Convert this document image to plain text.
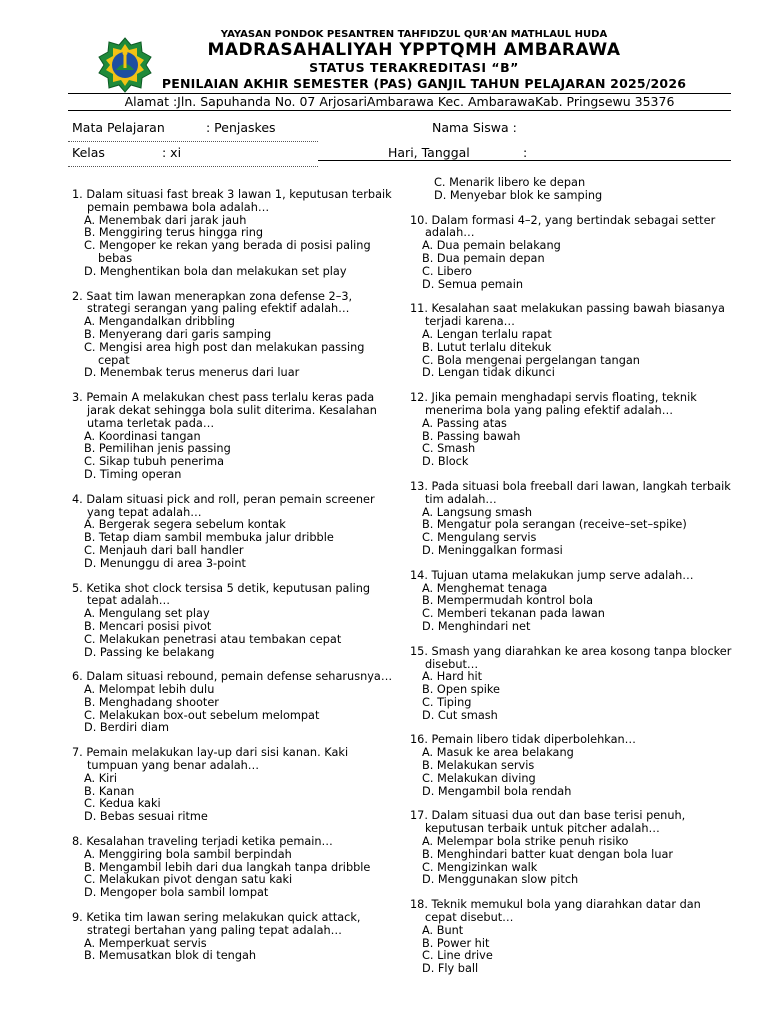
YAYASAN PONDOK PESANTREN TAHFIDZUL QUR'AN MATHLAUL HUDA
MADRASAHALIYAH YPPTQMH AMBARAWA
STATUS TERAKREDITASI “B”
PENILAIAN AKHIR SEMESTER (PAS) GANJIL TAHUN PELAJARAN 2025/2026
Alamat :Jln. Sapuhanda No. 07 ArjosariAmbarawa Kec. AmbarawaKab. Pringsewu 35376
Mata Pelajaran	: Penjaskes	Nama Siswa :
Kelas	: xi	Hari, Tanggal	:
1. Dalam situasi fast break 3 lawan 1, keputusan terbaik pemain pembawa bola adalah…
A. Menembak dari jarak jauh
B. Menggiring terus hingga ring
C. Mengoper ke rekan yang berada di posisi paling bebas
D. Menghentikan bola dan melakukan set play
2. Saat tim lawan menerapkan zona defense 2–3, strategi serangan yang paling efektif adalah…
A. Mengandalkan dribbling
B. Menyerang dari garis samping
C. Mengisi area high post dan melakukan passing cepat
D. Menembak terus menerus dari luar
3. Pemain A melakukan chest pass terlalu keras pada jarak dekat sehingga bola sulit diterima. Kesalahan utama terletak pada…
A. Koordinasi tangan
B. Pemilihan jenis passing
C. Sikap tubuh penerima
D. Timing operan
4. Dalam situasi pick and roll, peran pemain screener yang tepat adalah…
A. Bergerak segera sebelum kontak
B. Tetap diam sambil membuka jalur dribble
C. Menjauh dari ball handler
D. Menunggu di area 3-point
5. Ketika shot clock tersisa 5 detik, keputusan paling tepat adalah…
A. Mengulang set play
B. Mencari posisi pivot
C. Melakukan penetrasi atau tembakan cepat
D. Passing ke belakang
6. Dalam situasi rebound, pemain defense seharusnya…
A. Melompat lebih dulu
B. Menghadang shooter
C. Melakukan box-out sebelum melompat
D. Berdiri diam
7. Pemain melakukan lay-up dari sisi kanan. Kaki tumpuan yang benar adalah…
A. Kiri
B. Kanan
C. Kedua kaki
D. Bebas sesuai ritme
8. Kesalahan traveling terjadi ketika pemain…
A. Menggiring bola sambil berpindah
B. Mengambil lebih dari dua langkah tanpa dribble
C. Melakukan pivot dengan satu kaki
D. Mengoper bola sambil lompat
9. Ketika tim lawan sering melakukan quick attack, strategi bertahan yang paling tepat adalah…
A. Memperkuat servis
B. Memusatkan blok di tengah
C. Menarik libero ke depan
D. Menyebar blok ke samping
10. Dalam formasi 4–2, yang bertindak sebagai setter adalah…
A. Dua pemain belakang
B. Dua pemain depan
C. Libero
D. Semua pemain
11. Kesalahan saat melakukan passing bawah biasanya terjadi karena…
A. Lengan terlalu rapat
B. Lutut terlalu ditekuk
C. Bola mengenai pergelangan tangan
D. Lengan tidak dikunci
12. Jika pemain menghadapi servis floating, teknik menerima bola yang paling efektif adalah…
A. Passing atas
B. Passing bawah
C. Smash
D. Block
13. Pada situasi bola freeball dari lawan, langkah terbaik tim adalah…
A. Langsung smash
B. Mengatur pola serangan (receive–set–spike)
C. Mengulang servis
D. Meninggalkan formasi
14. Tujuan utama melakukan jump serve adalah…
A. Menghemat tenaga
B. Mempermudah kontrol bola
C. Memberi tekanan pada lawan
D. Menghindari net
15. Smash yang diarahkan ke area kosong tanpa blocker disebut…
A. Hard hit
B. Open spike
C. Tiping
D. Cut smash
16. Pemain libero tidak diperbolehkan…
A. Masuk ke area belakang
B. Melakukan servis
C. Melakukan diving
D. Mengambil bola rendah
17. Dalam situasi dua out dan base terisi penuh, keputusan terbaik untuk pitcher adalah…
A. Melempar bola strike penuh risiko
B. Menghindari batter kuat dengan bola luar
C. Mengizinkan walk
D. Menggunakan slow pitch
18. Teknik memukul bola yang diarahkan datar dan cepat disebut…
A. Bunt
B. Power hit
C. Line drive
D. Fly ball
